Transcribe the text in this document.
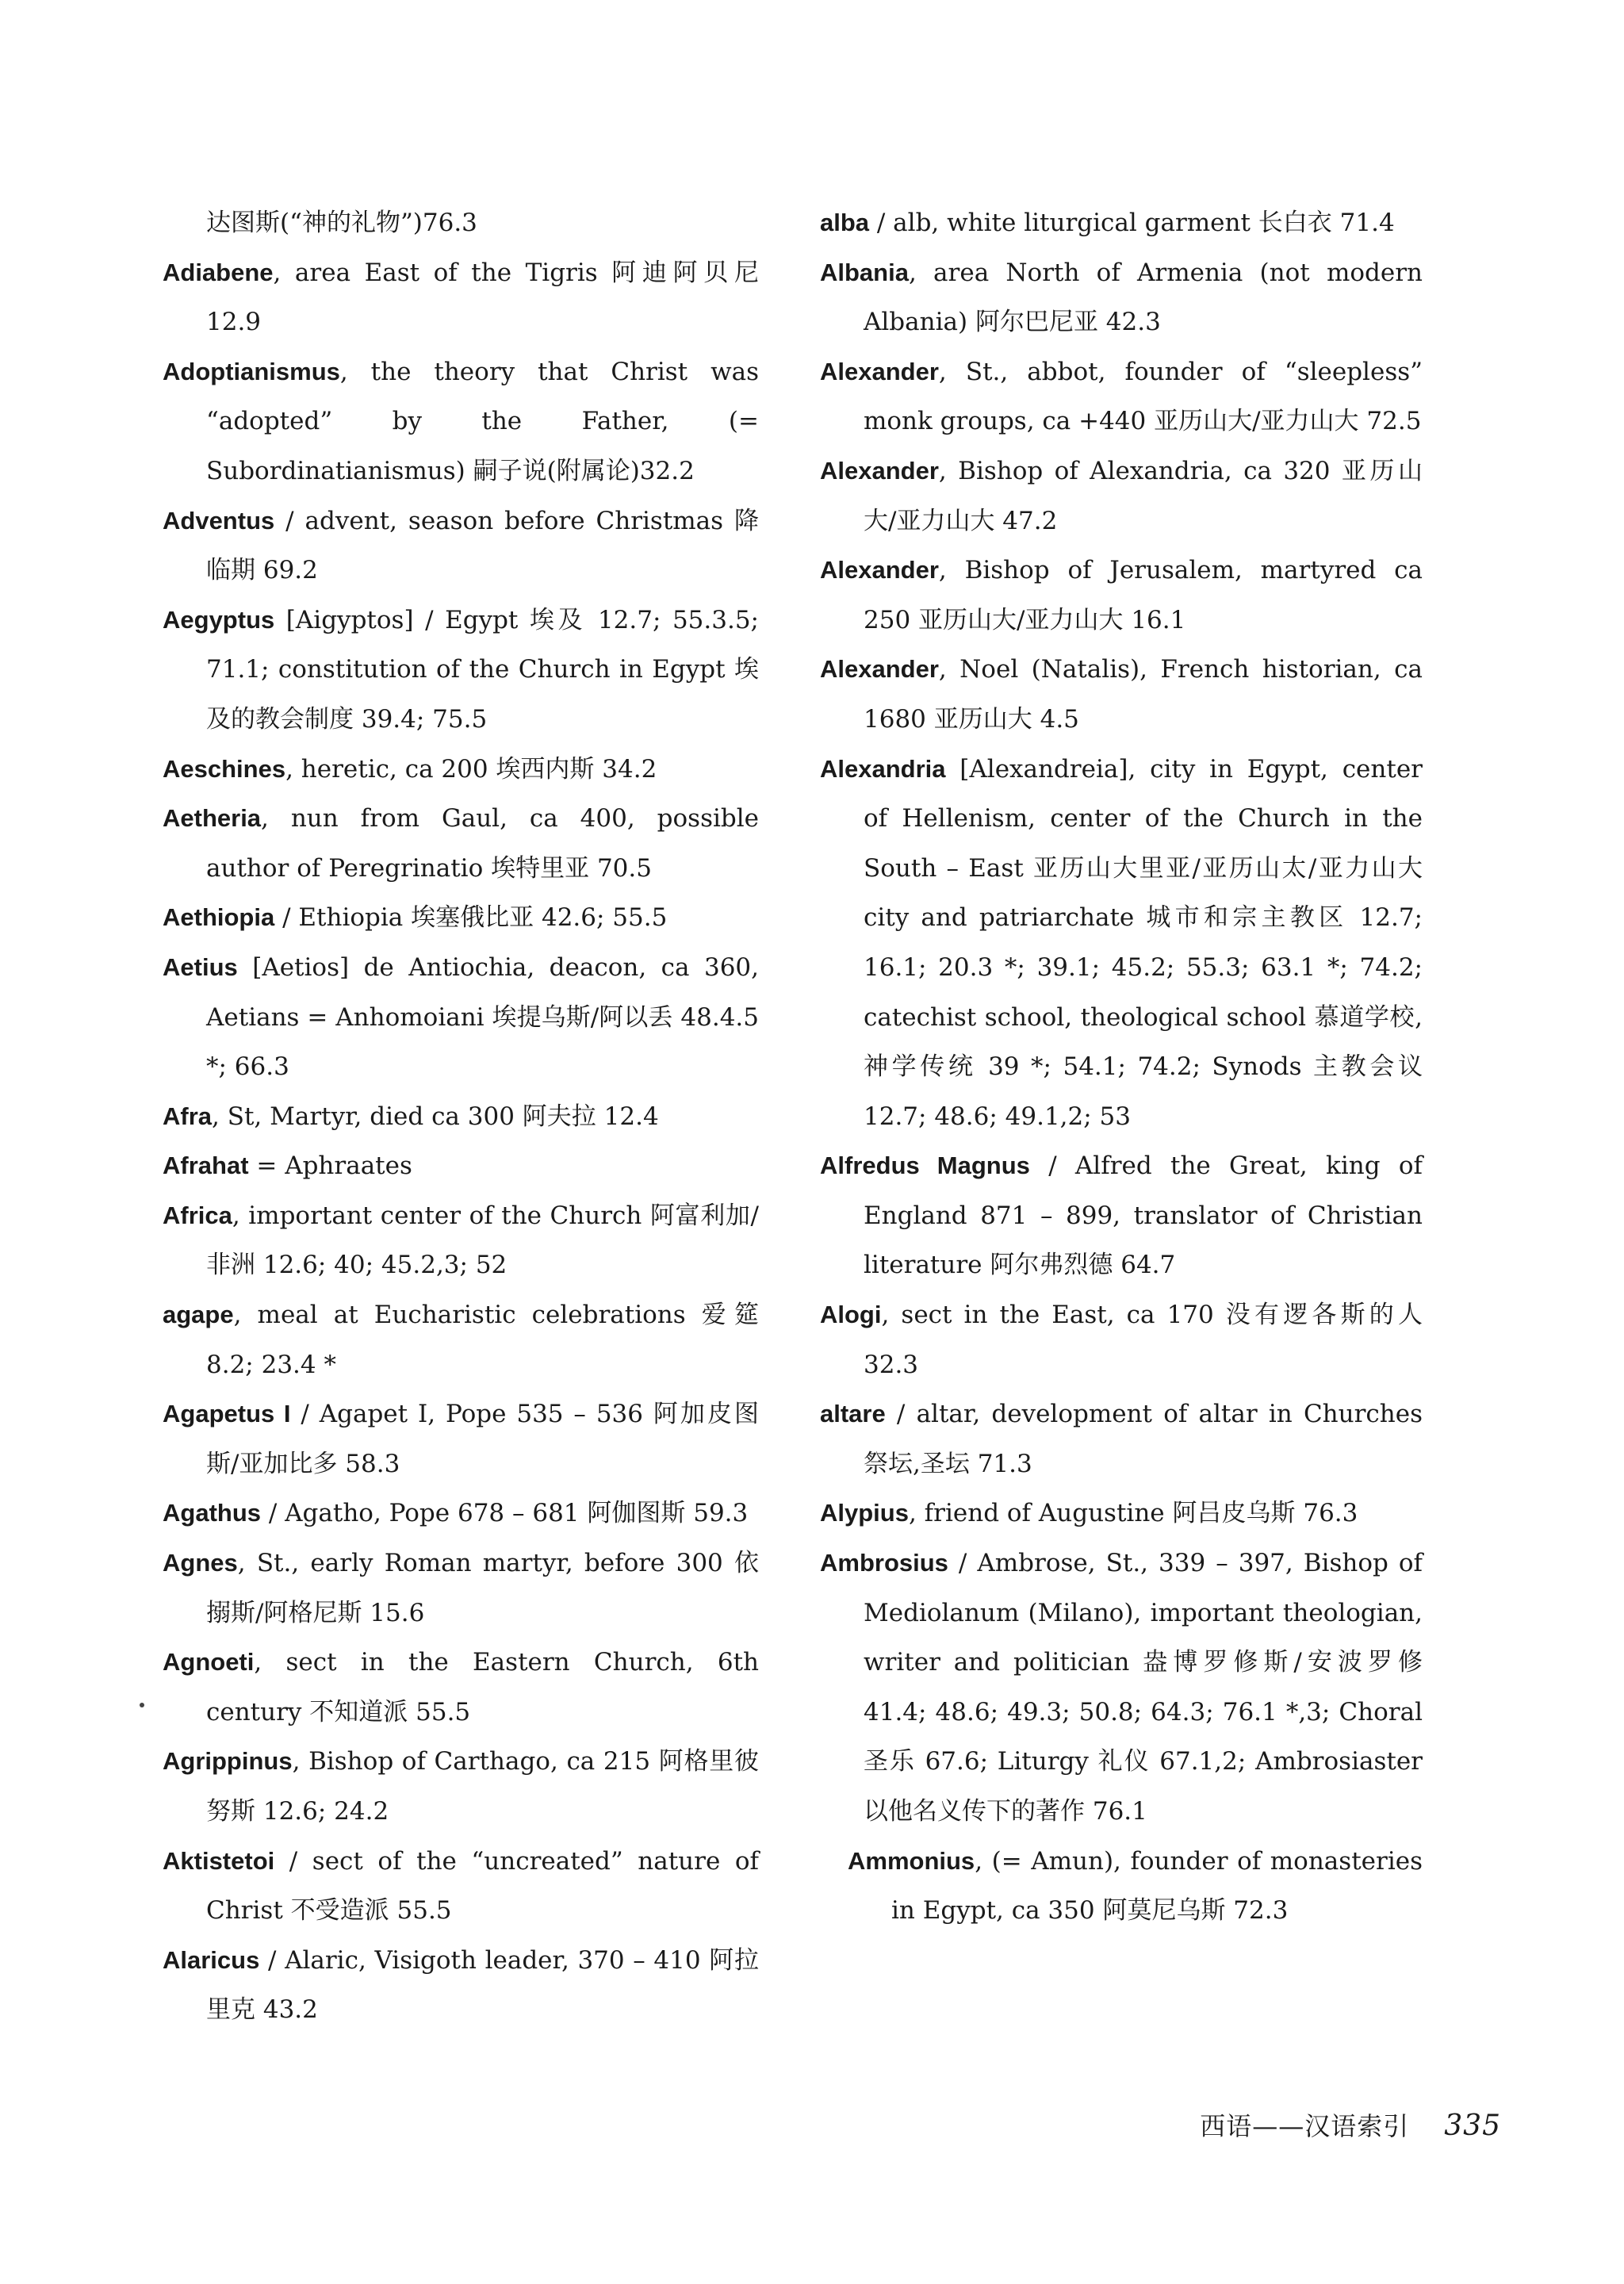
达图斯(“神的礼物”)76.3

Adiabene, area East of the Tigris 阿迪阿贝尼 12.9

Adoptianismus, the theory that Christ was “adopted” by the Father, (= Subordinatianismus) 嗣子说(附属论)32.2

Adventus / advent, season before Christmas 降临期 69.2

Aegyptus [Aigyptos] / Egypt 埃及 12.7; 55.3.5; 71.1; constitution of the Church in Egypt 埃及的教会制度 39.4; 75.5

Aeschines, heretic, ca 200 埃西内斯 34.2

Aetheria, nun from Gaul, ca 400, possible author of Peregrinatio 埃特里亚 70.5

Aethiopia / Ethiopia 埃塞俄比亚 42.6; 55.5

Aetius [Aetios] de Antiochia, deacon, ca 360, Aetians = Anhomoiani 埃提乌斯/阿以丢 48.4.5 *; 66.3

Afra, St, Martyr, died ca 300 阿夫拉 12.4

Afrahat = Aphraates

Africa, important center of the Church 阿富利加/非洲 12.6; 40; 45.2,3; 52

agape, meal at Eucharistic celebrations 爱筵 8.2; 23.4 *

Agapetus I / Agapet I, Pope 535 – 536 阿加皮图斯/亚加比多 58.3

Agathus / Agatho, Pope 678 – 681 阿伽图斯 59.3

Agnes, St., early Roman martyr, before 300 依搦斯/阿格尼斯 15.6

Agnoeti, sect in the Eastern Church, 6th century 不知道派 55.5

Agrippinus, Bishop of Carthago, ca 215 阿格里彼努斯 12.6; 24.2

Aktistetoi / sect of the “uncreated” nature of Christ 不受造派 55.5

Alaricus / Alaric, Visigoth leader, 370 – 410 阿拉里克 43.2

alba / alb, white liturgical garment 长白衣 71.4

Albania, area North of Armenia (not modern Albania) 阿尔巴尼亚 42.3

Alexander, St., abbot, founder of “sleepless” monk groups, ca +440 亚历山大/亚力山大 72.5

Alexander, Bishop of Alexandria, ca 320 亚历山大/亚力山大 47.2

Alexander, Bishop of Jerusalem, martyred ca 250 亚历山大/亚力山大 16.1

Alexander, Noel (Natalis), French historian, ca 1680 亚历山大 4.5

Alexandria [Alexandreia], city in Egypt, center of Hellenism, center of the Church in the South – East 亚历山大里亚/亚历山太/亚力山大 city and patriarchate 城市和宗主教区 12.7; 16.1; 20.3 *; 39.1; 45.2; 55.3; 63.1 *; 74.2; catechist school, theological school 慕道学校,神学传统 39 *; 54.1; 74.2; Synods 主教会议 12.7; 48.6; 49.1,2; 53

Alfredus Magnus / Alfred the Great, king of England 871 – 899, translator of Christian literature 阿尔弗烈德 64.7

Alogi, sect in the East, ca 170 没有逻各斯的人 32.3

altare / altar, development of altar in Churches 祭坛,圣坛 71.3

Alypius, friend of Augustine 阿吕皮乌斯 76.3

Ambrosius / Ambrose, St., 339 – 397, Bishop of Mediolanum (Milano), important theologian, writer and politician 盎博罗修斯/安波罗修 41.4; 48.6; 49.3; 50.8; 64.3; 76.1 *,3; Choral 圣乐 67.6; Liturgy 礼仪 67.1,2; Ambrosiaster 以他名义传下的著作 76.1

Ammonius, (= Amun), founder of monasteries in Egypt, ca 350 阿莫尼乌斯 72.3

西语——汉语索引 335
